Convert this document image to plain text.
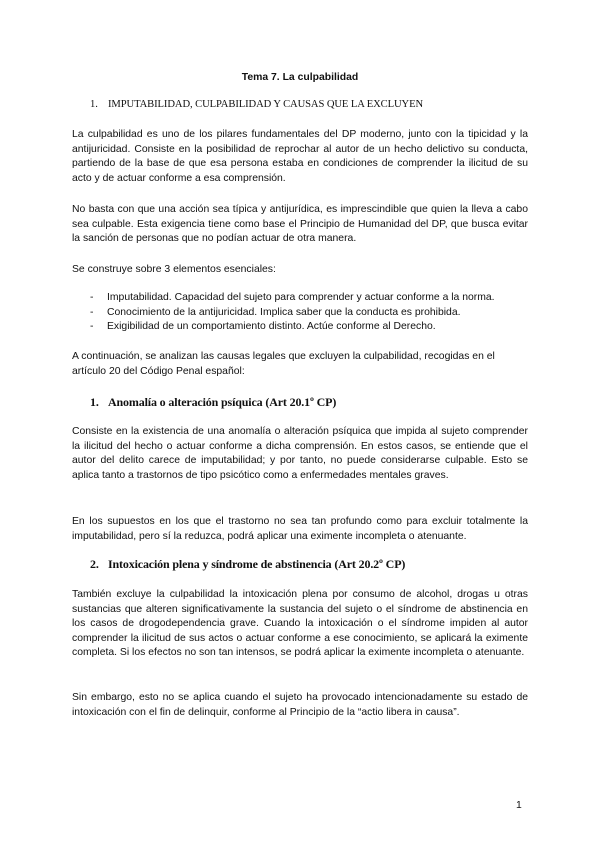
Tema 7. La culpabilidad
1. IMPUTABILIDAD, CULPABILIDAD Y CAUSAS QUE LA EXCLUYEN

La culpabilidad es uno de los pilares fundamentales del DP moderno, junto con la tipicidad y la antijuricidad. Consiste en la posibilidad de reprochar al autor de un hecho delictivo su conducta, partiendo de la base de que esa persona estaba en condiciones de comprender la ilicitud de su acto y de actuar conforme a esa comprensión.

No basta con que una acción sea típica y antijurídica, es imprescindible que quien la lleva a cabo sea culpable. Esta exigencia tiene como base el Principio de Humanidad del DP, que busca evitar la sanción de personas que no podían actuar de otra manera.

Se construye sobre 3 elementos esenciales:

- Imputabilidad. Capacidad del sujeto para comprender y actuar conforme a la norma.
- Conocimiento de la antijuricidad. Implica saber que la conducta es prohibida.
- Exigibilidad de un comportamiento distinto. Actúe conforme al Derecho.

A continuación, se analizan las causas legales que excluyen la culpabilidad, recogidas en el artículo 20 del Código Penal español:

1. Anomalía o alteración psíquica (Art 20.1º CP)

Consiste en la existencia de una anomalía o alteración psíquica que impida al sujeto comprender la ilicitud del hecho o actuar conforme a dicha comprensión. En estos casos, se entiende que el autor del delito carece de imputabilidad; y por tanto, no puede considerarse culpable. Esto se aplica tanto a trastornos de tipo psicótico como a enfermedades mentales graves.

En los supuestos en los que el trastorno no sea tan profundo como para excluir totalmente la imputabilidad, pero sí la reduzca, podrá aplicar una eximente incompleta o atenuante.

2. Intoxicación plena y síndrome de abstinencia (Art 20.2º CP)

También excluye la culpabilidad la intoxicación plena por consumo de alcohol, drogas u otras sustancias que alteren significativamente la sustancia del sujeto o el síndrome de abstinencia en los casos de drogodependencia grave. Cuando la intoxicación o el síndrome impiden al autor comprender la ilicitud de sus actos o actuar conforme a ese conocimiento, se aplicará la eximente completa. Si los efectos no son tan intensos, se podrá aplicar la eximente incompleta o atenuante.

Sin embargo, esto no se aplica cuando el sujeto ha provocado intencionadamente su estado de intoxicación con el fin de delinquir, conforme al Principio de la “actio libera in causa”.

1
